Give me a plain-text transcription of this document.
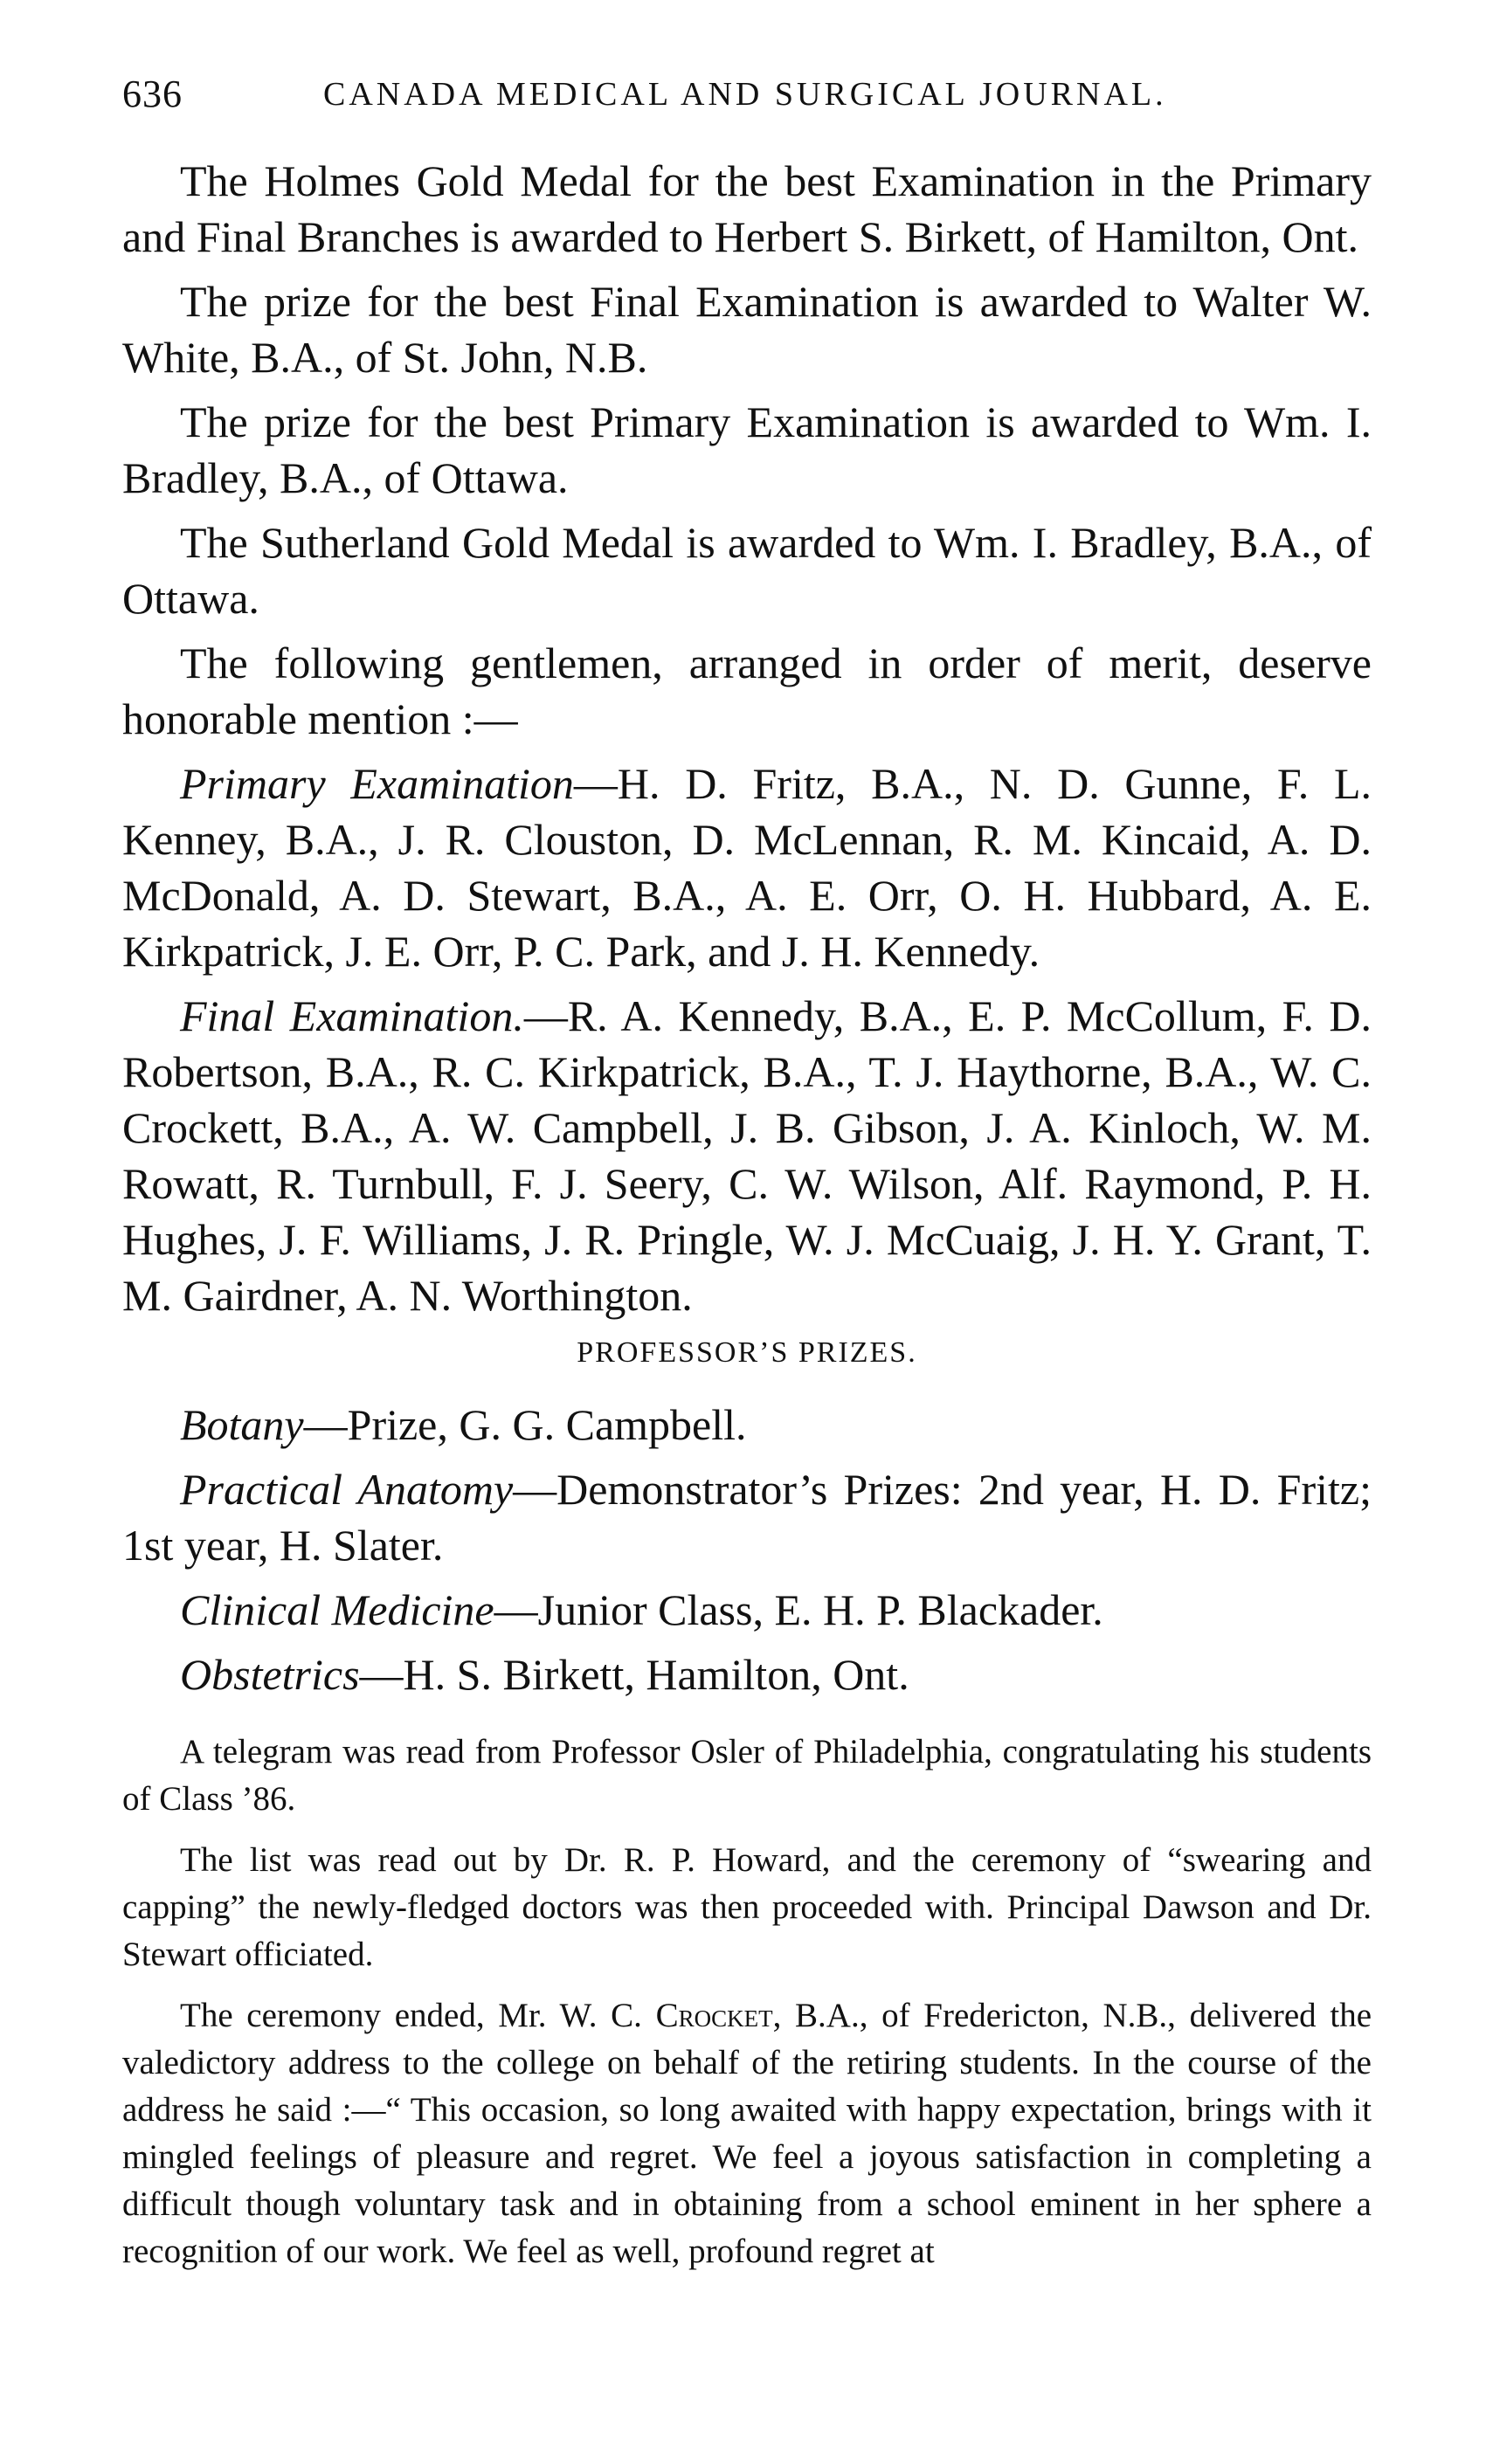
636	CANADA MEDICAL AND SURGICAL JOURNAL.

The Holmes Gold Medal for the best Examination in the Primary and Final Branches is awarded to Herbert S. Birkett, of Hamilton, Ont.

The prize for the best Final Examination is awarded to Walter W. White, B.A., of St. John, N.B.

The prize for the best Primary Examination is awarded to Wm. I. Bradley, B.A., of Ottawa.

The Sutherland Gold Medal is awarded to Wm. I. Bradley, B.A., of Ottawa.

The following gentlemen, arranged in order of merit, deserve honorable mention :—

Primary Examination—H. D. Fritz, B.A., N. D. Gunne, F. L. Kenney, B.A., J. R. Clouston, D. McLennan, R. M. Kincaid, A. D. McDonald, A. D. Stewart, B.A., A. E. Orr, O. H. Hubbard, A. E. Kirkpatrick, J. E. Orr, P. C. Park, and J. H. Kennedy.

Final Examination.—R. A. Kennedy, B.A., E. P. McCollum, F. D. Robertson, B.A., R. C. Kirkpatrick, B.A., T. J. Haythorne, B.A., W. C. Crockett, B.A., A. W. Campbell, J. B. Gibson, J. A. Kinloch, W. M. Rowatt, R. Turnbull, F. J. Seery, C. W. Wilson, Alf. Raymond, P. H. Hughes, J. F. Williams, J. R. Pringle, W. J. McCuaig, J. H. Y. Grant, T. M. Gairdner, A. N. Worthington.

PROFESSOR’S PRIZES.

Botany—Prize, G. G. Campbell.

Practical Anatomy—Demonstrator’s Prizes: 2nd year, H. D. Fritz; 1st year, H. Slater.

Clinical Medicine—Junior Class, E. H. P. Blackader.

Obstetrics—H. S. Birkett, Hamilton, Ont.

A telegram was read from Professor Osler of Philadelphia, congratulating his students of Class ’86.

The list was read out by Dr. R. P. Howard, and the ceremony of “swearing and capping” the newly-fledged doctors was then proceeded with. Principal Dawson and Dr. Stewart officiated.

The ceremony ended, Mr. W. C. Crocket, B.A., of Fredericton, N.B., delivered the valedictory address to the college on behalf of the retiring students. In the course of the address he said :—“ This occasion, so long awaited with happy expectation, brings with it mingled feelings of pleasure and regret. We feel a joyous satisfaction in completing a difficult though voluntary task and in obtaining from a school eminent in her sphere a recognition of our work. We feel as well, profound regret at
